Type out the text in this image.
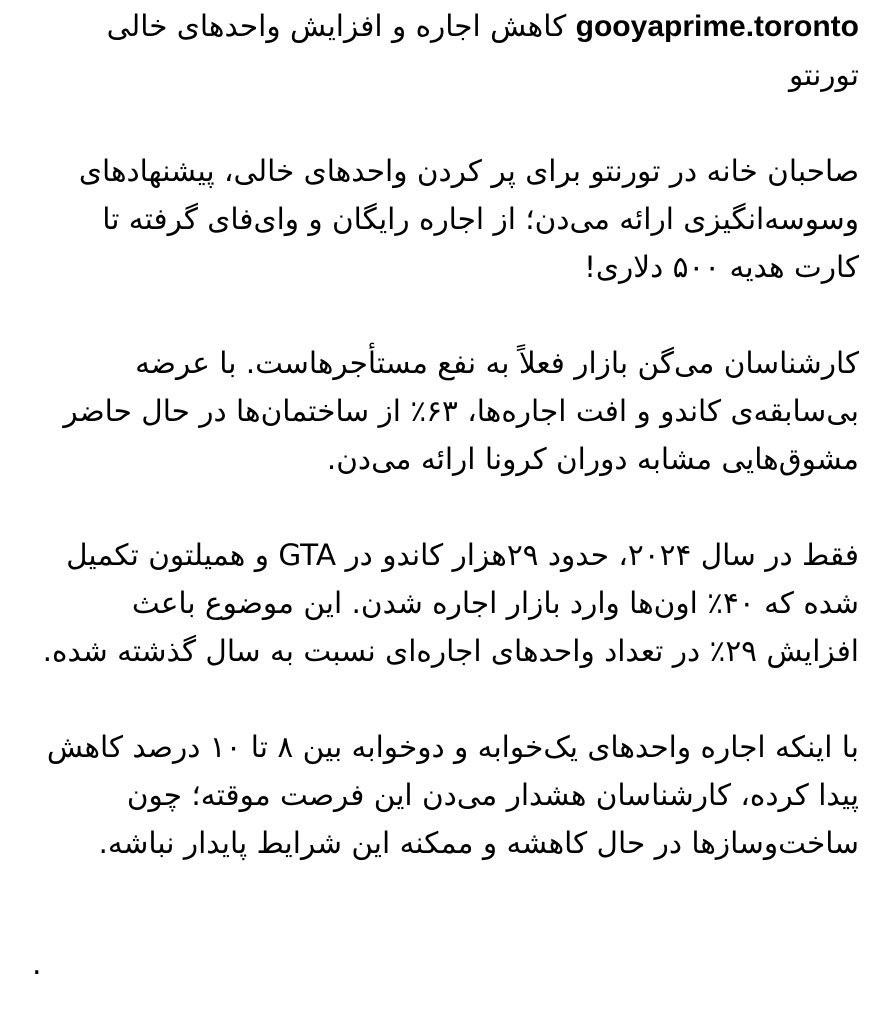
gooyaprime.toronto کاهش اجاره و افزایش واحدهای خالی تورنتو

صاحبان خانه در تورنتو برای پر کردن واحدهای خالی، پیشنهادهای وسوسه‌انگیزی ارائه می‌دن؛ از اجاره رایگان و وای‌فای گرفته تا کارت هدیه ۵۰۰ دلاری!

کارشناسان می‌گن بازار فعلاً به نفع مستأجرهاست. با عرضه بی‌سابقه‌ی کاندو و افت اجاره‌ها، ۶۳٪ از ساختمان‌ها در حال حاضر مشوق‌هایی مشابه دوران کرونا ارائه می‌دن.

فقط در سال ۲۰۲۴، حدود ۲۹هزار کاندو در GTA و همیلتون تکمیل شده که ۴۰٪ اون‌ها وارد بازار اجاره شدن. این موضوع باعث افزایش ۲۹٪ در تعداد واحدهای اجاره‌ای نسبت به سال گذشته شده.

با اینکه اجاره واحدهای یک‌خوابه و دوخوابه بین ۸ تا ۱۰ درصد کاهش پیدا کرده، کارشناسان هشدار می‌دن این فرصت موقته؛ چون ساخت‌وسازها در حال کاهشه و ممکنه این شرایط پایدار نباشه.

.
